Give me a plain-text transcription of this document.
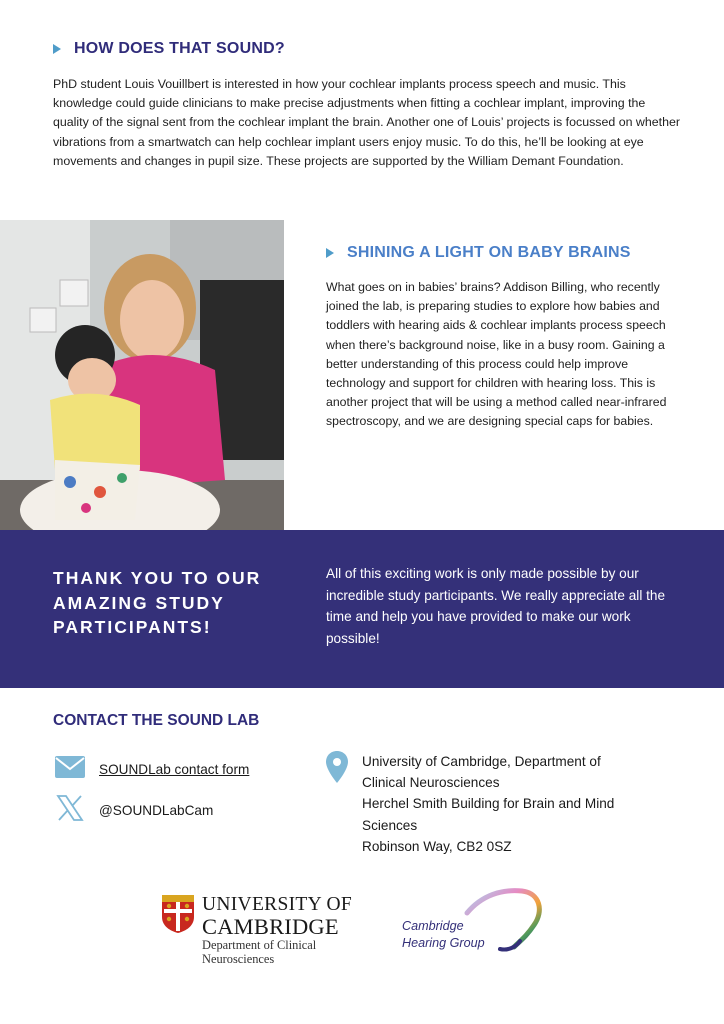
HOW DOES THAT SOUND?

PhD student Louis Vouillbert is interested in how your cochlear implants process speech and music. This knowledge could guide clinicians to make precise adjustments when fitting a cochlear implant, improving the quality of the signal sent from the cochlear implant the brain. Another one of Louis’ projects is focussed on whether vibrations from a smartwatch can help cochlear implant users enjoy music. To do this, he’ll be looking at eye movements and changes in pupil size. These projects are supported by the William Demant Foundation.

SHINING A LIGHT ON BABY BRAINS

What goes on in babies’ brains? Addison Billing, who recently joined the lab, is preparing studies to explore how babies and toddlers with hearing aids & cochlear implants process speech when there’s background noise, like in a busy room. Gaining a better understanding of this process could help improve technology and support for children with hearing loss. This is another project that will be using a method called near-infrared spectroscopy, and we are designing special caps for babies.

THANK YOU TO OUR AMAZING STUDY PARTICIPANTS!

All of this exciting work is only made possible by our incredible study participants. We really appreciate all the time and help you have provided to make our work possible!

CONTACT THE SOUND LAB
SOUNDLab contact form
@SOUNDLabCam
University of Cambridge, Department of
Clinical Neurosciences
Herchel Smith Building for Brain and Mind
Sciences
Robinson Way, CB2 0SZ
UNIVERSITY OF
CAMBRIDGE
Department of Clinical
Neurosciences
Cambridge
Hearing Group
